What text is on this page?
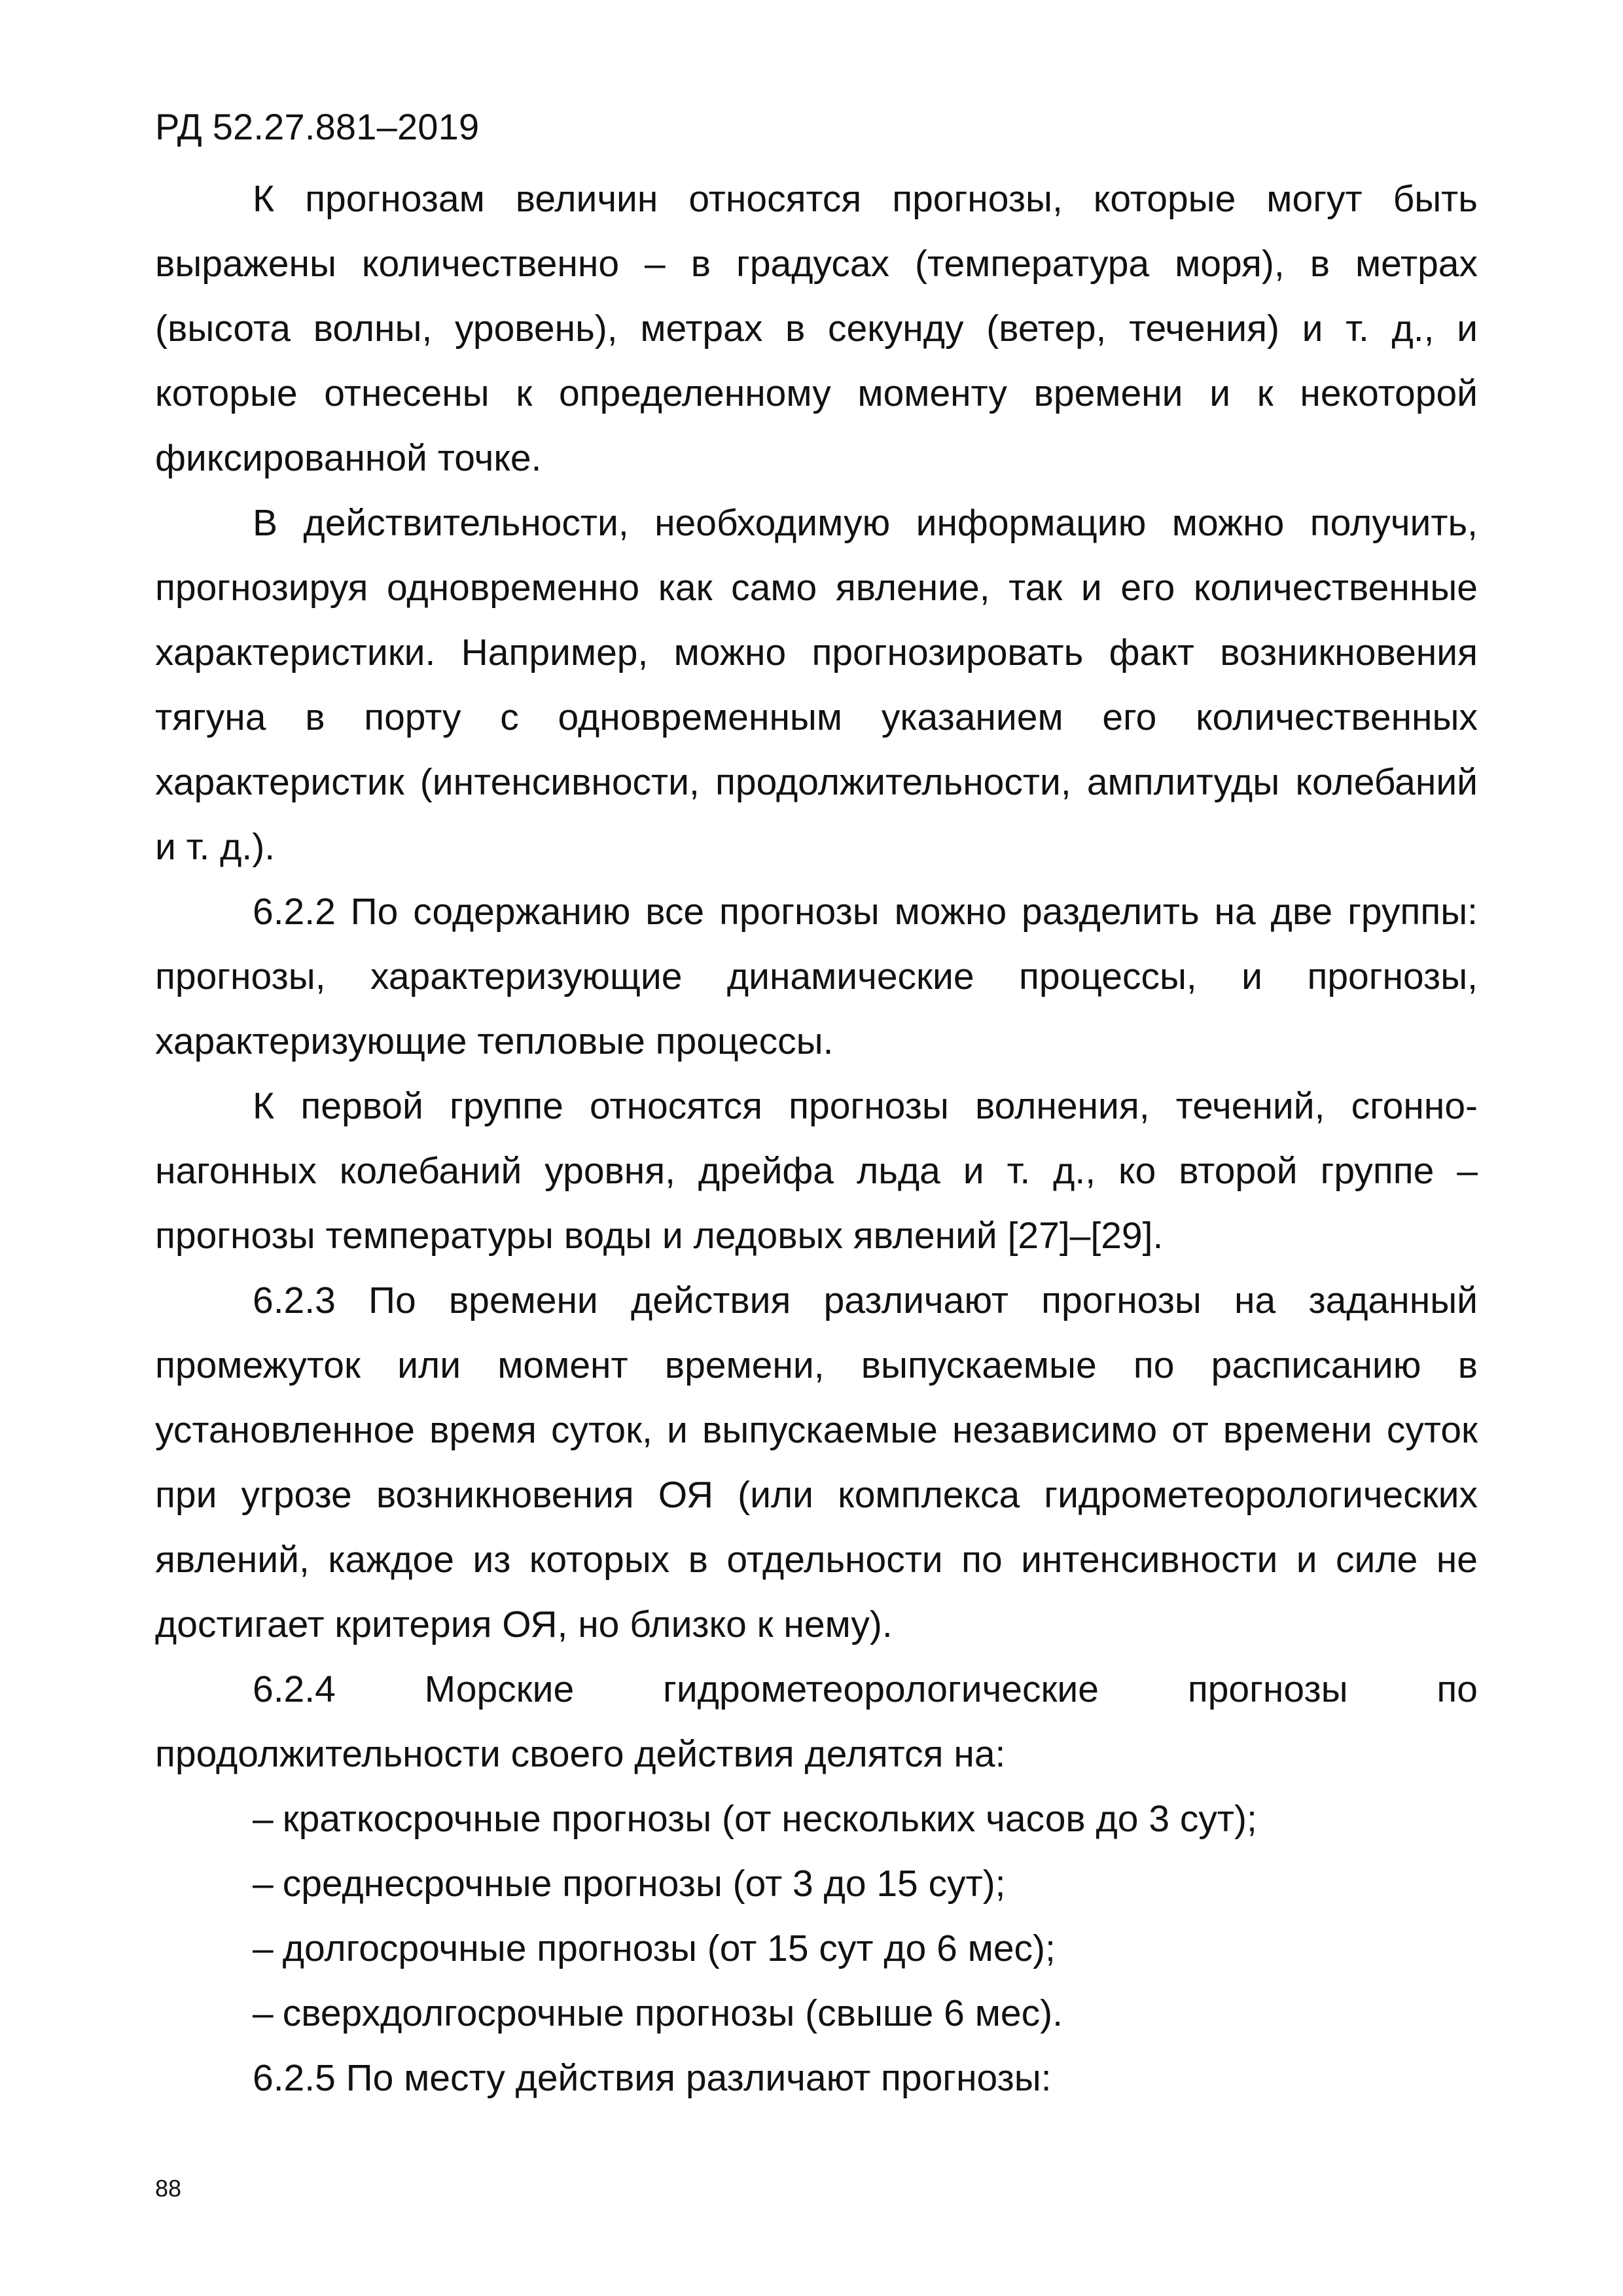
РД 52.27.881–2019

К прогнозам величин относятся прогнозы, которые могут быть выражены количественно – в градусах (температура моря), в метрах (высота волны, уровень), метрах в секунду (ветер, течения) и т. д., и которые отнесены к определенному моменту времени и к некоторой фиксированной точке.

В действительности, необходимую информацию можно получить, прогнозируя одновременно как само явление, так и его количественные характеристики. Например, можно прогнозировать факт возникновения тягуна в порту с одновременным указанием его количественных характеристик (интенсивности, продолжительности, амплитуды колебаний и т. д.).

6.2.2 По содержанию все прогнозы можно разделить на две группы: прогнозы, характеризующие динамические процессы, и прогнозы, характеризующие тепловые процессы.

К первой группе относятся прогнозы волнения, течений, сгонно-нагонных колебаний уровня, дрейфа льда и т. д., ко второй группе – прогнозы температуры воды и ледовых явлений [27]–[29].

6.2.3 По времени действия различают прогнозы на заданный промежуток или момент времени, выпускаемые по расписанию в установленное время суток, и выпускаемые независимо от времени суток при угрозе возникновения ОЯ (или комплекса гидрометеорологических явлений, каждое из которых в отдельности по интенсивности и силе не достигает критерия ОЯ, но близко к нему).

6.2.4 Морские гидрометеорологические прогнозы по продолжительности своего действия делятся на:

– краткосрочные прогнозы (от нескольких часов до 3 сут);
– среднесрочные прогнозы (от 3 до 15 сут);
– долгосрочные прогнозы (от 15 сут до 6 мес);
– сверхдолгосрочные прогнозы (свыше 6 мес).

6.2.5 По месту действия различают прогнозы:

88
